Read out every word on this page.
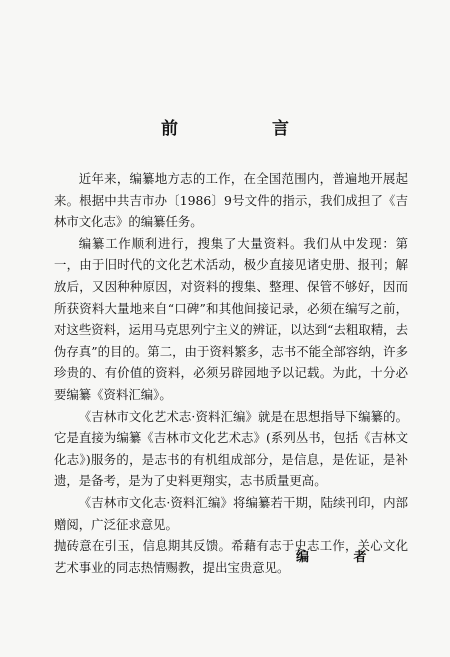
前 言

近年来，编纂地方志的工作，在全国范围内，普遍地开展起来。根据中共吉市办〔1986〕9号文件的指示，我们成担了《吉林市文化志》的编纂任务。

编纂工作顺利进行，搜集了大量资料。我们从中发现：第一，由于旧时代的文化艺术活动，极少直接见诸史册、报刊；解放后，又因种种原因，对资料的搜集、整理、保管不够好，因而所获资料大量地来自“口碑”和其他间接记录，必须在编写之前，对这些资料，运用马克思列宁主义的辨证，以达到“去粗取精，去伪存真”的目的。第二，由于资料繁多，志书不能全部容纳，许多珍贵的、有价值的资料，必须另辟园地予以记载。为此，十分必要编纂《资料汇编》。

《吉林市文化艺术志·资料汇编》就是在思想指导下编纂的。它是直接为编纂《吉林市文化艺术志》(系列丛书，包括《吉林文化志》)服务的，是志书的有机组成部分，是信息，是佐证，是补遗，是备考，是为了史料更翔实，志书质量更高。

《吉林市文化志·资料汇编》将编纂若干期，陆续刊印，内部赠阅，广泛征求意见。

抛砖意在引玉，信息期其反馈。希藉有志于史志工作，关心文化艺术事业的同志热情赐教，提出宝贵意见。

编 者
